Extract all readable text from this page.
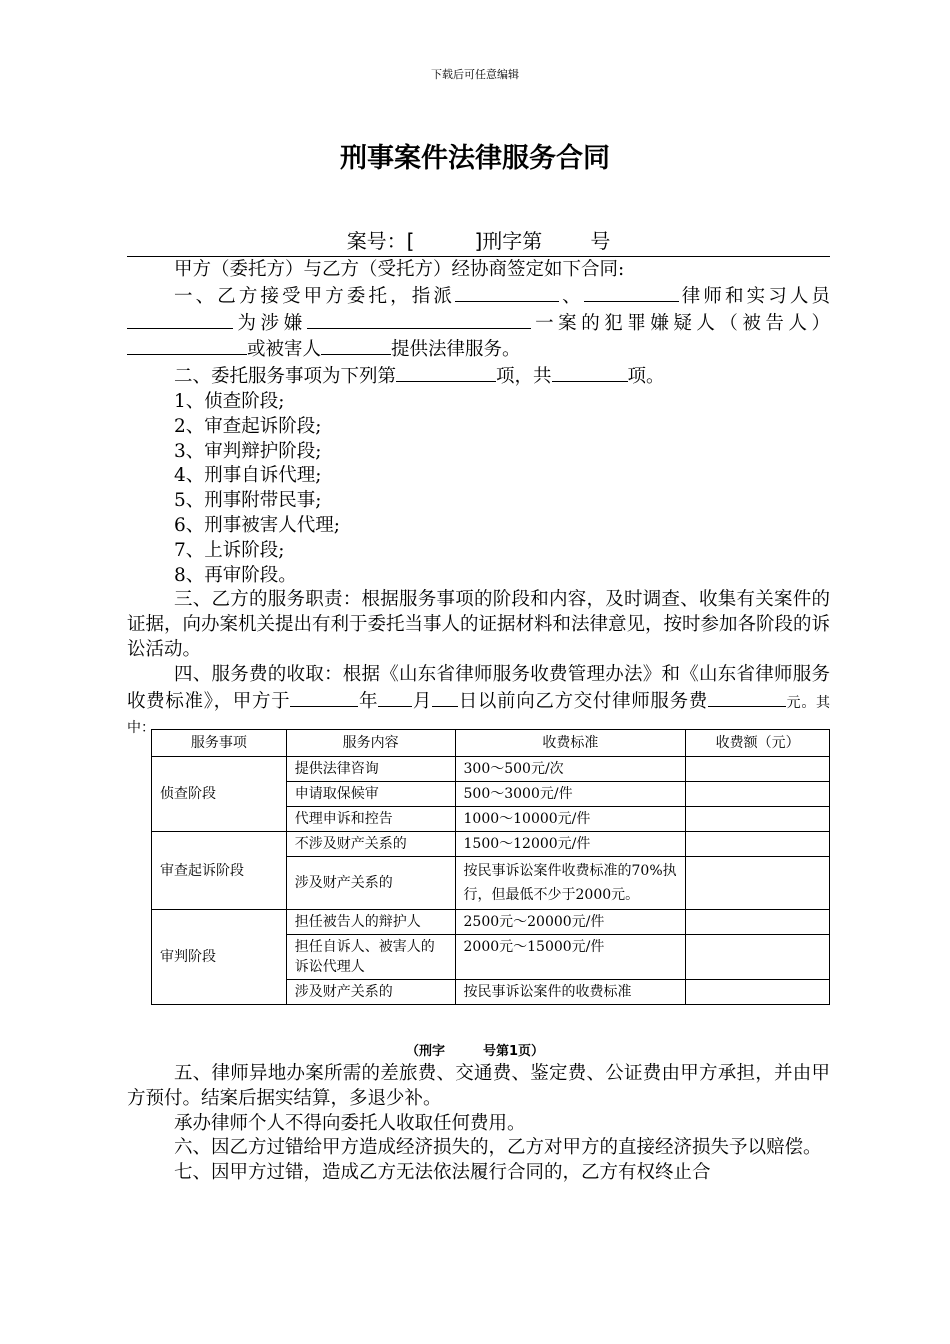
下载后可任意编辑
刑事案件法律服务合同
案号：[	]刑字第 号

甲方（委托方）与乙方（受托方）经协商签定如下合同:

一、乙方接受甲方委托，指派	、	律师和实习人员为涉嫌	一案的犯罪嫌疑人（被告人）或被害人	提供法律服务。

二、委托服务事项为下列第	项，共	项。

1、侦查阶段;

2、审查起诉阶段;

3、审判辩护阶段;

4、刑事自诉代理;

5、刑事附带民事;

6、刑事被害人代理;

7、上诉阶段;

8、再审阶段。

三、乙方的服务职责：根据服务事项的阶段和内容，及时调查、收集有关案件的证据，向办案机关提出有利于委托当事人的证据材料和法律意见，按时参加各阶段的诉讼活动。

四、服务费的收取：根据《山东省律师服务收费管理办法》和《山东省律师服务收费标准》，甲方于	年 月 日以前向乙方交付律师服务费	元。其中：

服务事项	服务内容	收费标准	收费额（元）
侦查阶段	提供法律咨询	300～500元/次	
	申请取保候审	500～3000元/件	
	代理申诉和控告	1000～10000元/件	
审查起诉阶段	不涉及财产关系的	1500～12000元/件	
	涉及财产关系的	按民事诉讼案件收费标准的70%执行，但最低不少于2000元。	
审判阶段	担任被告人的辩护人	2500元～20000元/件	
	担任自诉人、被害人的诉讼代理人	2000元～15000元/件	
	涉及财产关系的	按民事诉讼案件的收费标准	
（刑字	号第1页）

五、律师异地办案所需的差旅费、交通费、鉴定费、公证费由甲方承担，并由甲方预付。结案后据实结算，多退少补。

承办律师个人不得向委托人收取任何费用。

六、因乙方过错给甲方造成经济损失的，乙方对甲方的直接经济损失予以赔偿。

七、因甲方过错，造成乙方无法依法履行合同的，乙方有权终止合
